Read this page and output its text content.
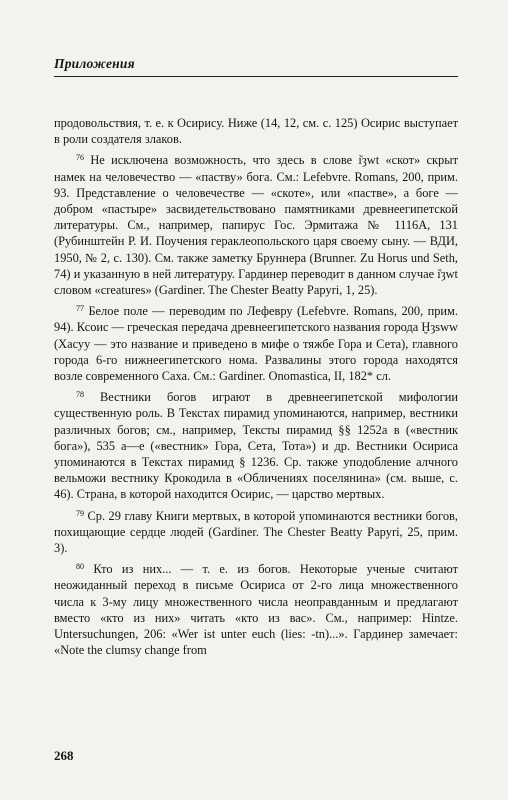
Приложения

продовольствия, т. е. к Осирису. Ниже (14, 12, см. с. 125) Осирис выступает в роли создателя злаков.

$^{76}$ Не исключена возможность, что здесь в слове ỉ͗ȝwt «скот» скрыт намек на человечество — «паству» бога. См.: Lefebvre. Romans, 200, прим. 93. Представление о человечестве — «скоте», или «пастве», а боге — добром «пастыре» засвидетельствовано памятниками древнеегипетской литературы. См., например, папирус Гос. Эрмитажа № 1116А, 131 (Рубинштейн Р. И. Поучения гераклеопольского царя своему сыну. — ВДИ, 1950, № 2, с. 130). См. также заметку Бруннера (Brunner. Zu Horus und Seth, 74) и указанную в ней литературу. Гардинер переводит в данном случае ỉ͗ȝwt словом «creatures» (Gardiner. The Chester Beatty Papyri, 1, 25).

$^{77}$ Белое поле — переводим по Лефевру (Lefebvre. Romans, 200, прим. 94). Ксоис — греческая передача древнеегипетского названия города Ḫȝsww (Хасуу — это название и приведено в мифе о тяжбе Гора и Сета), главного города 6-го нижнеегипетского нома. Развалины этого города находятся возле современного Саха. См.: Gardiner. Onomastica, II, 182* сл.

$^{78}$ Вестники богов играют в древнеегипетской мифологии существенную роль. В Текстах пирамид упоминаются, например, вестники различных богов; см., например, Тексты пирамид §§ 1252a в («вестник бога»), 535 a—e («вестник» Гора, Сета, Тота») и др. Вестники Осириса упоминаются в Текстах пирамид § 1236. Ср. также уподобление алчного вельможи вестнику Крокодила в «Обличениях поселянина» (см. выше, с. 46). Страна, в которой находится Осирис, — царство мертвых.

$^{79}$ Ср. 29 главу Книги мертвых, в которой упоминаются вестники богов, похищающие сердце людей (Gardiner. The Chester Beatty Papyri, 25, прим. 3).

$^{80}$ Кто из них... — т. е. из богов. Некоторые ученые считают неожиданный переход в письме Осириса от 2-го лица множественного числа к 3-му лицу множественного числа неоправданным и предлагают вместо «кто из них» читать «кто из вас». См., например: Hintze. Untersuchungen, 206: «Wer ist unter euch (lies: -tn)...». Гардинер замечает: «Note the clumsy change from

268
